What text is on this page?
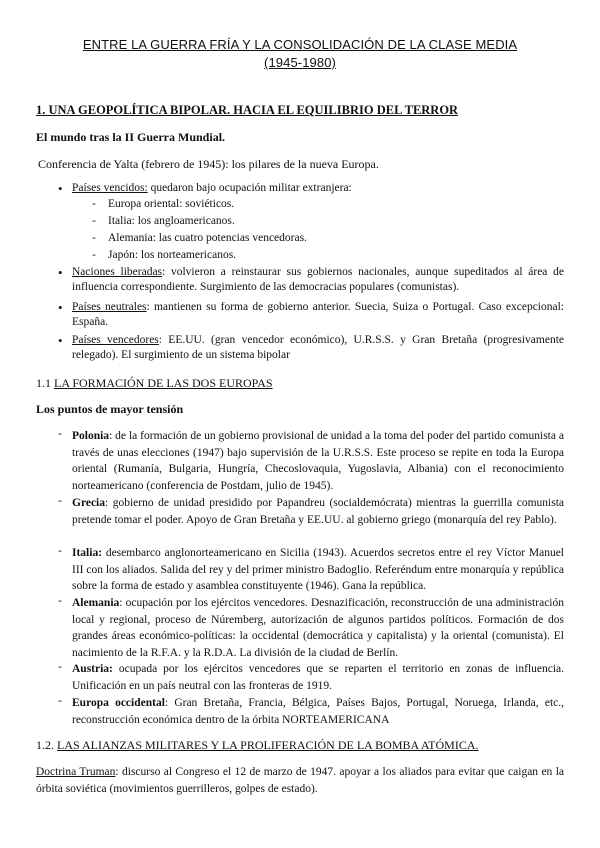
ENTRE LA GUERRA FRÍA Y LA CONSOLIDACIÓN DE LA CLASE MEDIA
(1945-1980)
1. UNA GEOPOLÍTICA BIPOLAR. HACIA EL EQUILIBRIO DEL TERROR
El mundo tras la II Guerra Mundial.
Conferencia de Yalta (febrero de 1945): los pilares de la nueva Europa.
• Países vencidos: quedaron bajo ocupación militar extranjera:
- Europa oriental: soviéticos.
- Italia: los angloamericanos.
- Alemania: las cuatro potencias vencedoras.
- Japón: los norteamericanos.
• Naciones liberadas: volvieron a reinstaurar sus gobiernos nacionales, aunque supeditados al área de influencia correspondiente. Surgimiento de las democracias populares (comunistas).
• Países neutrales: mantienen su forma de gobierno anterior. Suecia, Suiza o Portugal. Caso excepcional: España.
• Países vencedores: EE.UU. (gran vencedor económico), U.R.S.S. y Gran Bretaña (progresivamente relegado). El surgimiento de un sistema bipolar
1.1 LA FORMACIÓN DE LAS DOS EUROPAS
Los puntos de mayor tensión
- Polonia: de la formación de un gobierno provisional de unidad a la toma del poder del partido comunista a través de unas elecciones (1947) bajo supervisión de la U.R.S.S. Este proceso se repite en toda la Europa oriental (Rumanía, Bulgaria, Hungría, Checoslovaquia, Yugoslavia, Albania) con el reconocimiento norteamericano (conferencia de Postdam, julio de 1945).
- Grecia: gobierno de unidad presidido por Papandreu (socialdemócrata) mientras la guerrilla comunista pretende tomar el poder. Apoyo de Gran Bretaña y EE.UU. al gobierno griego (monarquía del rey Pablo).
- Italia: desembarco anglonorteamericano en Sicilia (1943). Acuerdos secretos entre el rey Víctor Manuel III con los aliados. Salida del rey y del primer ministro Badoglio. Referéndum entre monarquía y república sobre la forma de estado y asamblea constituyente (1946). Gana la república.
- Alemania: ocupación por los ejércitos vencedores. Desnazificación, reconstrucción de una administración local y regional, proceso de Núremberg, autorización de algunos partidos políticos. Formación de dos grandes áreas económico-políticas: la occidental (democrática y capitalista) y la oriental (comunista). El nacimiento de la R.F.A. y la R.D.A. La división de la ciudad de Berlín.
- Austria: ocupada por los ejércitos vencedores que se reparten el territorio en zonas de influencia. Unificación en un país neutral con las fronteras de 1919.
- Europa occidental: Gran Bretaña, Francia, Bélgica, Países Bajos, Portugal, Noruega, Irlanda, etc., reconstrucción económica dentro de la órbita NORTEAMERICANA
1.2. LAS ALIANZAS MILITARES Y LA PROLIFERACIÓN DE LA BOMBA ATÓMICA.
Doctrina Truman: discurso al Congreso el 12 de marzo de 1947. apoyar a los aliados para evitar que caigan en la órbita soviética (movimientos guerrilleros, golpes de estado).
